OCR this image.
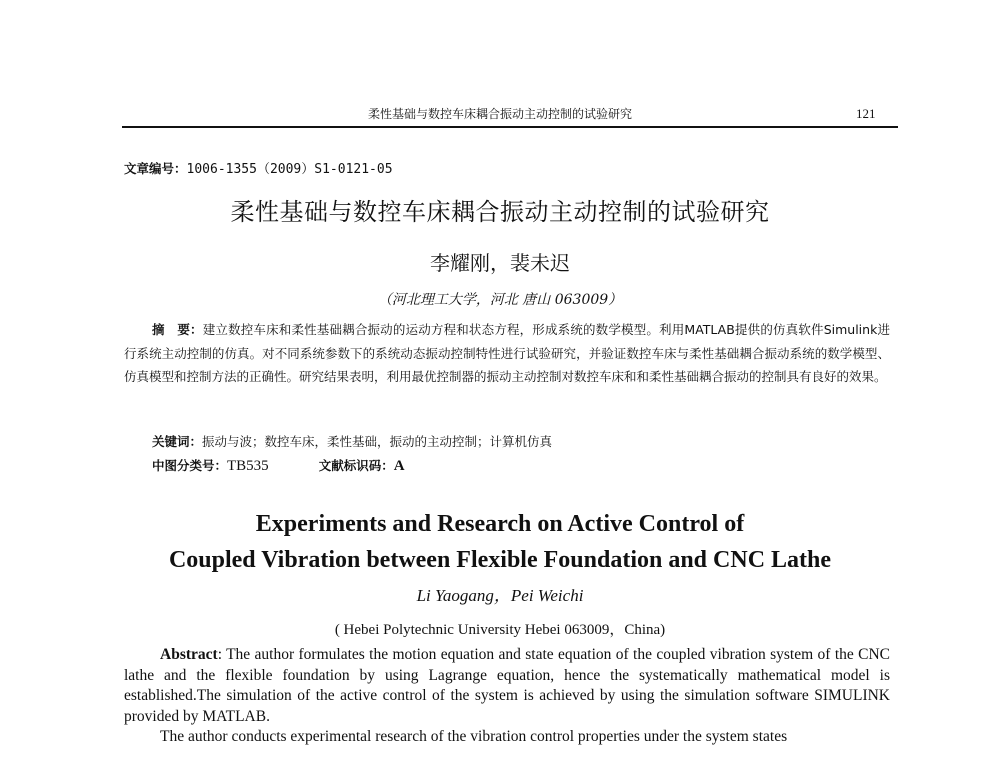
柔性基础与数控车床耦合振动主动控制的试验研究	121
文章编号：1006-1355（2009）S1-0121-05
柔性基础与数控车床耦合振动主动控制的试验研究
李耀刚，裴未迟
（河北理工大学，河北 唐山 063009）
摘　要：建立数控车床和柔性基础耦合振动的运动方程和状态方程，形成系统的数学模型。利用MATLAB提供的仿真软件Simulink进行系统主动控制的仿真。对不同系统参数下的系统动态振动控制特性进行试验研究，并验证数控车床与柔性基础耦合振动系统的数学模型、仿真模型和控制方法的正确性。研究结果表明，利用最优控制器的振动主动控制对数控车床和和柔性基础耦合振动的控制具有良好的效果。
关键词：振动与波；数控车床，柔性基础，振动的主动控制；计算机仿真
中图分类号：TB535	文献标识码：A
Experiments and Research on Active Control of
Coupled Vibration between Flexible Foundation and CNC Lathe
Li Yaogang，Pei Weichi
( Hebei Polytechnic University Hebei 063009，China)

Abstract: The author formulates the motion equation and state equation of the coupled vibration system of the CNC lathe and the flexible foundation by using Lagrange equation, hence the systematically mathematical model is established.The simulation of the active control of the system is achieved by using the simulation software SIMULINK provided by MATLAB.

The author conducts experimental research of the vibration control properties under the system states
